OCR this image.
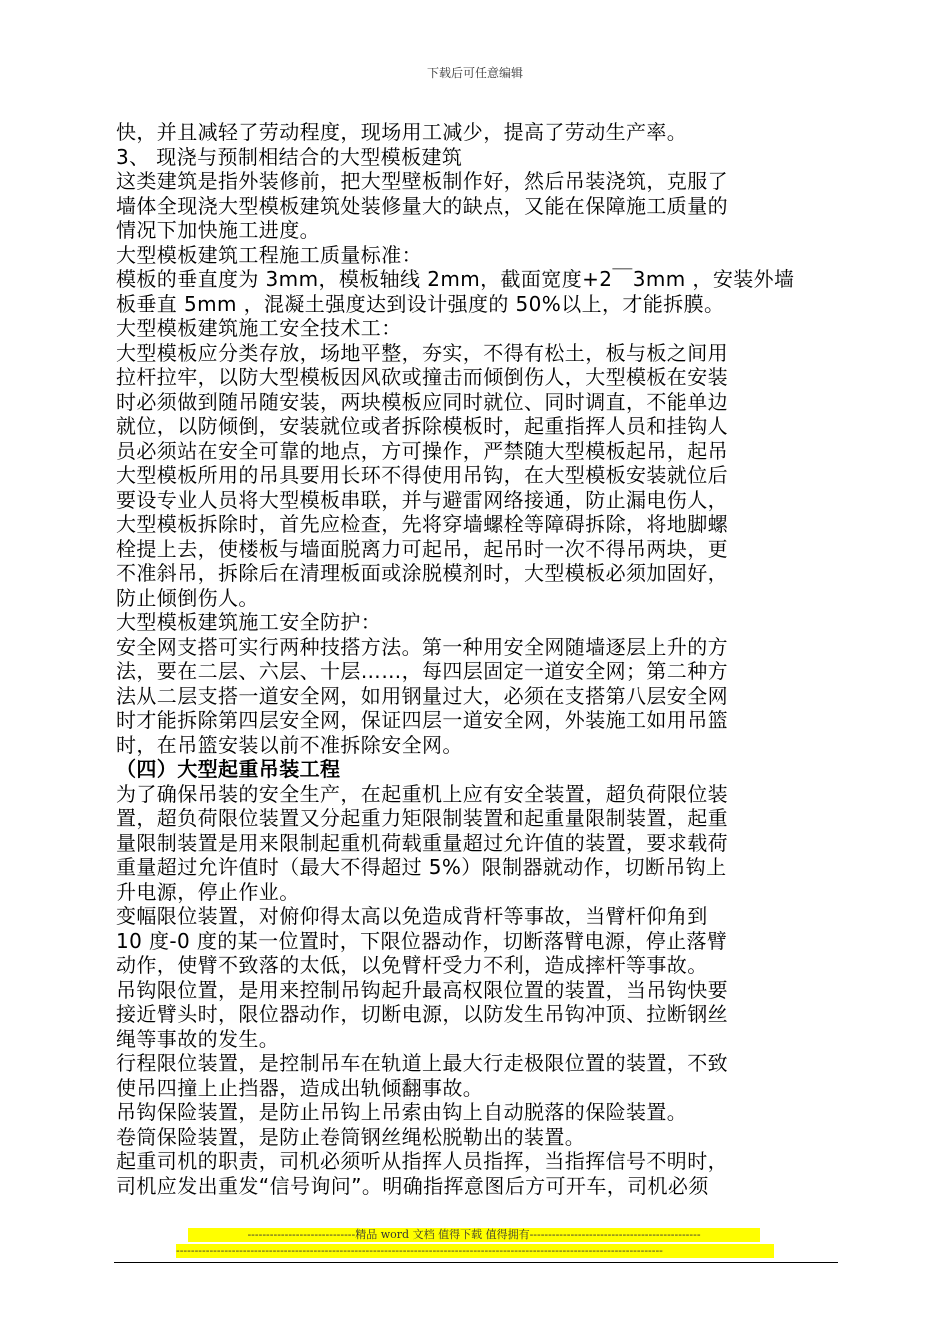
下载后可任意编辑
快，并且减轻了劳动程度，现场用工减少，提高了劳动生产率。
3、 现浇与预制相结合的大型模板建筑
这类建筑是指外装修前，把大型壁板制作好，然后吊装浇筑，克服了
墙体全现浇大型模板建筑处装修量大的缺点，又能在保障施工质量的
情况下加快施工进度。
大型模板建筑工程施工质量标准：
模板的垂直度为 3mm，模板轴线 2mm，截面宽度+2￣3mm ，安装外墙
板垂直 5mm ，混凝土强度达到设计强度的 50%以上，才能拆膜。
大型模板建筑施工安全技术工：
大型模板应分类存放，场地平整，夯实，不得有松土，板与板之间用
拉杆拉牢，以防大型模板因风砍或撞击而倾倒伤人，大型模板在安装
时必须做到随吊随安装，两块模板应同时就位、同时调直，不能单边
就位，以防倾倒，安装就位或者拆除模板时，起重指挥人员和挂钩人
员必须站在安全可靠的地点，方可操作，严禁随大型模板起吊，起吊
大型模板所用的吊具要用长环不得使用吊钩，在大型模板安装就位后
要设专业人员将大型模板串联，并与避雷网络接通，防止漏电伤人，
大型模板拆除时，首先应检查，先将穿墙螺栓等障碍拆除，将地脚螺
栓提上去，使楼板与墙面脱离力可起吊，起吊时一次不得吊两块，更
不准斜吊，拆除后在清理板面或涂脱模剂时，大型模板必须加固好，
防止倾倒伤人。
大型模板建筑施工安全防护：
安全网支搭可实行两种技搭方法。第一种用安全网随墙逐层上升的方
法，要在二层、六层、十层……，每四层固定一道安全网；第二种方
法从二层支搭一道安全网，如用钢量过大，必须在支搭第八层安全网
时才能拆除第四层安全网，保证四层一道安全网，外装施工如用吊篮
时，在吊篮安装以前不准拆除安全网。
（四）大型起重吊装工程
为了确保吊装的安全生产，在起重机上应有安全装置，超负荷限位装
置，超负荷限位装置又分起重力矩限制装置和起重量限制装置，起重
量限制装置是用来限制起重机荷载重量超过允许值的装置，要求载荷
重量超过允许值时（最大不得超过 5%）限制器就动作，切断吊钩上
升电源，停止作业。
变幅限位装置，对俯仰得太高以免造成背杆等事故，当臂杆仰角到
10 度-0 度的某一位置时，下限位器动作，切断落臂电源，停止落臂
动作，使臂不致落的太低，以免臂杆受力不利，造成摔杆等事故。
吊钩限位置，是用来控制吊钩起升最高权限位置的装置，当吊钩快要
接近臂头时，限位器动作，切断电源，以防发生吊钩冲顶、拉断钢丝
绳等事故的发生。
行程限位装置，是控制吊车在轨道上最大行走极限位置的装置，不致
使吊四撞上止挡器，造成出轨倾翻事故。
吊钩保险装置，是防止吊钩上吊索由钩上自动脱落的保险装置。
卷筒保险装置，是防止卷筒钢丝绳松脱勒出的装置。
起重司机的职责，司机必须听从指挥人员指挥，当指挥信号不明时，
司机应发出重发“信号询问”。明确指挥意图后方可开车，司机必须
-----------------------------精品 word 文档 值得下载 值得拥有----------------------------------------------
-----------------------------------------------------------------------------------------------------------------------------------
